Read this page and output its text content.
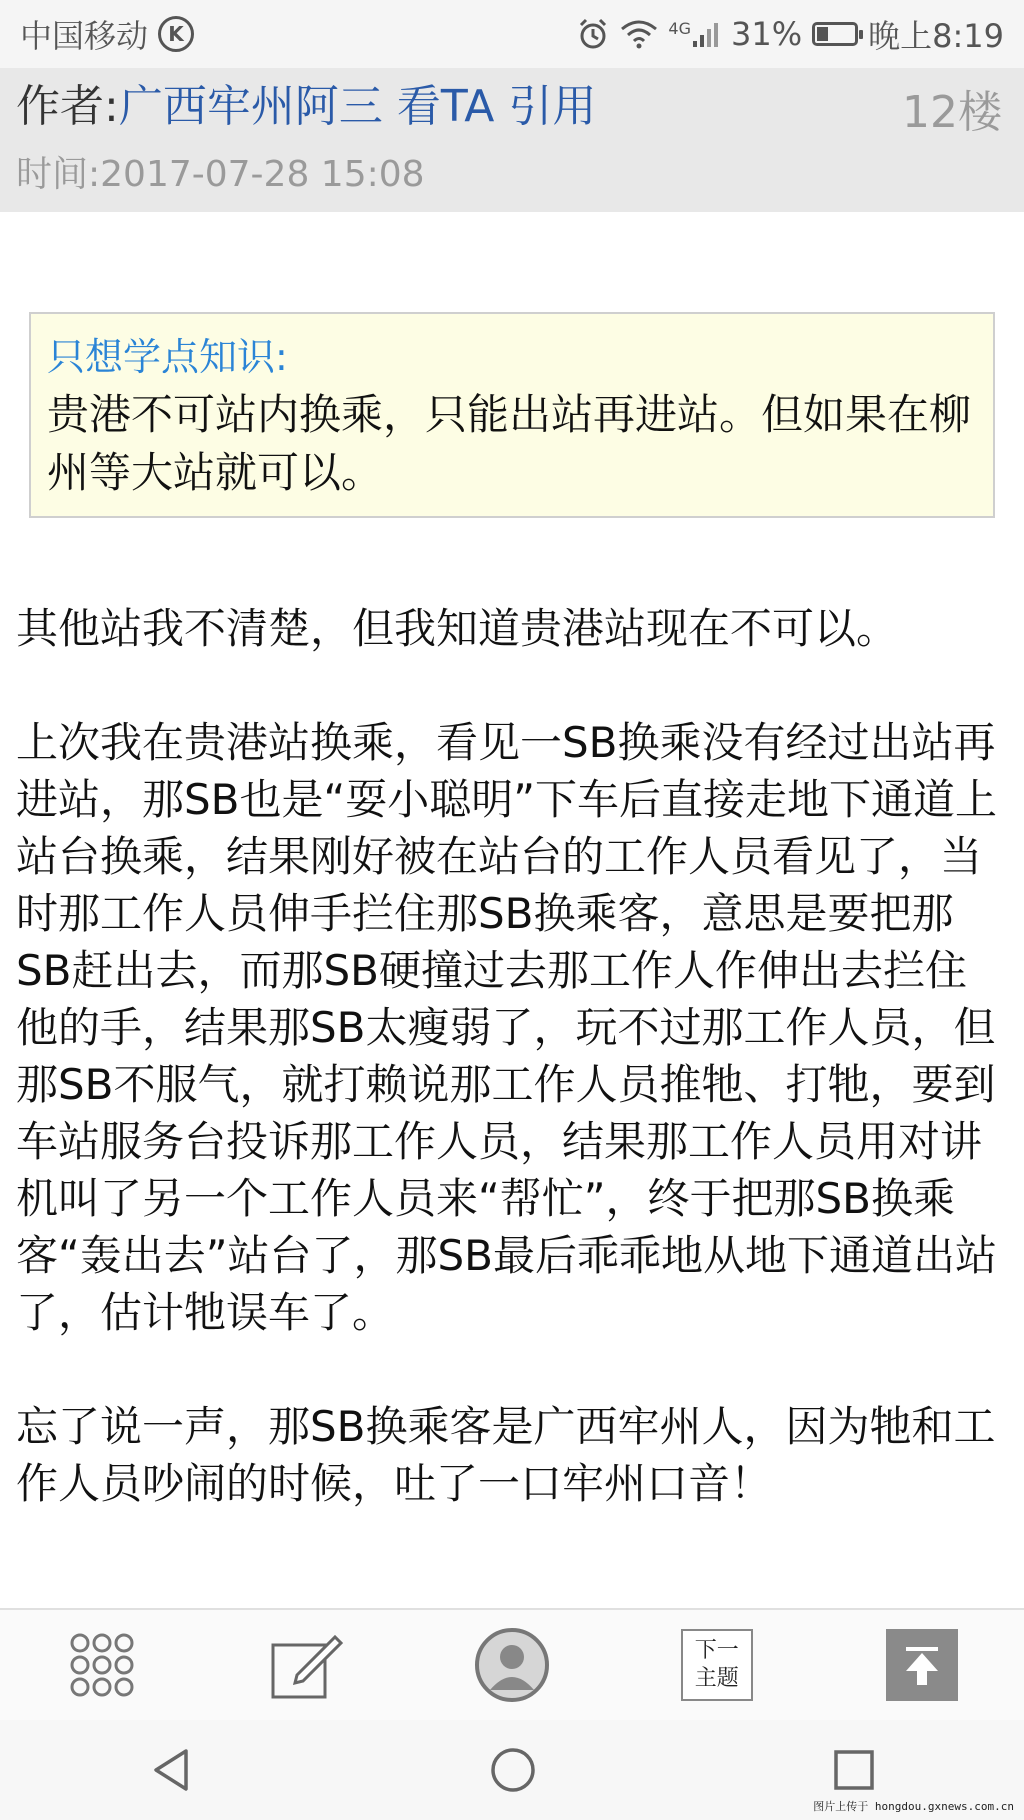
中国移动	K	4G 31% 晚上8:19
作者: 广西牢州阿三 看TA 引用	12楼
时间:2017-07-28 15:08
只想学点知识:
贵港不可站内换乘，只能出站再进站。但如果在柳州等大站就可以。

其他站我不清楚，但我知道贵港站现在不可以。

上次我在贵港站换乘，看见一SB换乘没有经过出站再进站，那SB也是“耍小聪明”下车后直接走地下通道上站台换乘，结果刚好被在站台的工作人员看见了，当时那工作人员伸手拦住那SB换乘客，意思是要把那SB赶出去，而那SB硬撞过去那工作人作伸出去拦住他的手，结果那SB太瘦弱了，玩不过那工作人员，但那SB不服气，就打赖说那工作人员推牠、打牠，要到车站服务台投诉那工作人员，结果那工作人员用对讲机叫了另一个工作人员来“帮忙”，终于把那SB换乘客“轰出去”站台了，那SB最后乖乖地从地下通道出站了，估计牠误车了。

忘了说一声，那SB换乘客是广西牢州人，因为牠和工作人员吵闹的时候，吐了一口牢州口音！

下一
主题
图片上传于 hongdou.gxnews.com.cn
